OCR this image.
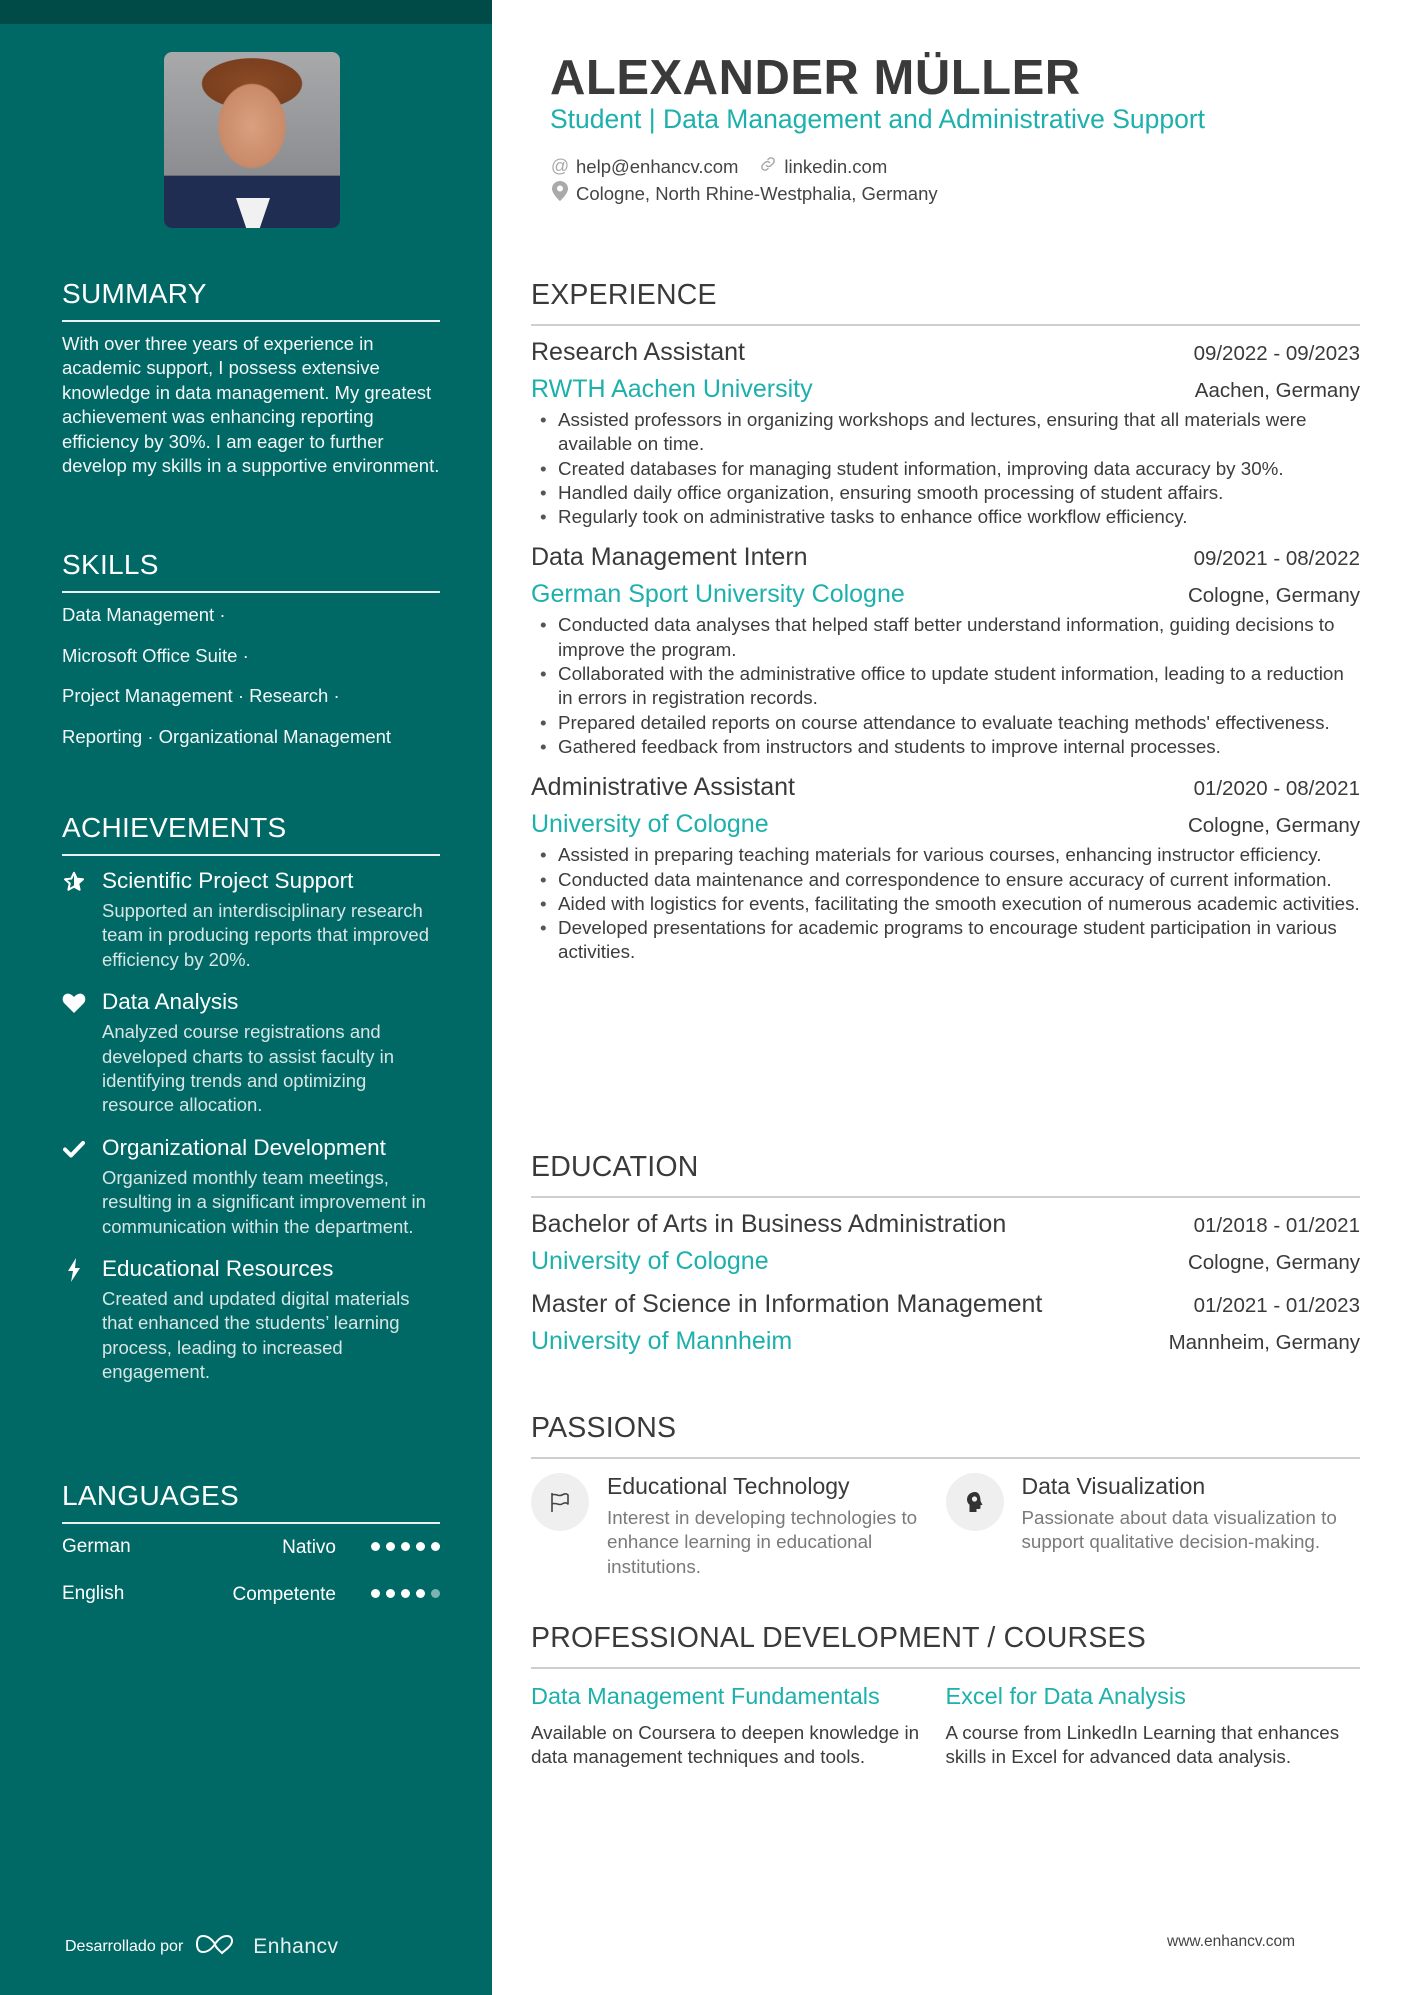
SUMMARY

With over three years of experience in academic support, I possess extensive knowledge in data management. My greatest achievement was enhancing reporting efficiency by 30%. I am eager to further develop my skills in a supportive environment.

SKILLS
Data Management ·
Microsoft Office Suite ·
Project Management · Research ·
Reporting · Organizational Management
ACHIEVEMENTS
Scientific Project Support
Supported an interdisciplinary research team in producing reports that improved efficiency by 20%.
Data Analysis
Analyzed course registrations and developed charts to assist faculty in identifying trends and optimizing resource allocation.
Organizational Development
Organized monthly team meetings, resulting in a significant improvement in communication within the department.
Educational Resources
Created and updated digital materials that enhanced the students’ learning process, leading to increased engagement.
LANGUAGES
German	Nativo
English	Competente
Desarrollado por	Enhancv
ALEXANDER MÜLLER
Student | Data Management and Administrative Support
@ help@enhancv.com linkedin.com
Cologne, North Rhine-Westphalia, Germany
EXPERIENCE
Research Assistant	09/2022 - 09/2023
RWTH Aachen University	Aachen, Germany
• Assisted professors in organizing workshops and lectures, ensuring that all materials were available on time.
• Created databases for managing student information, improving data accuracy by 30%.
• Handled daily office organization, ensuring smooth processing of student affairs.
• Regularly took on administrative tasks to enhance office workflow efficiency.
Data Management Intern	09/2021 - 08/2022
German Sport University Cologne	Cologne, Germany
• Conducted data analyses that helped staff better understand information, guiding decisions to improve the program.
• Collaborated with the administrative office to update student information, leading to a reduction in errors in registration records.
• Prepared detailed reports on course attendance to evaluate teaching methods' effectiveness.
• Gathered feedback from instructors and students to improve internal processes.
Administrative Assistant	01/2020 - 08/2021
University of Cologne	Cologne, Germany
• Assisted in preparing teaching materials for various courses, enhancing instructor efficiency.
• Conducted data maintenance and correspondence to ensure accuracy of current information.
• Aided with logistics for events, facilitating the smooth execution of numerous academic activities.
• Developed presentations for academic programs to encourage student participation in various activities.
EDUCATION
Bachelor of Arts in Business Administration	01/2018 - 01/2021
University of Cologne	Cologne, Germany
Master of Science in Information Management	01/2021 - 01/2023
University of Mannheim	Mannheim, Germany
PASSIONS
Educational Technology
Interest in developing technologies to enhance learning in educational institutions.
Data Visualization
Passionate about data visualization to support qualitative decision-making.
PROFESSIONAL DEVELOPMENT / COURSES
Data Management Fundamentals
Available on Coursera to deepen knowledge in data management techniques and tools.
Excel for Data Analysis
A course from LinkedIn Learning that enhances skills in Excel for advanced data analysis.
www.enhancv.com
